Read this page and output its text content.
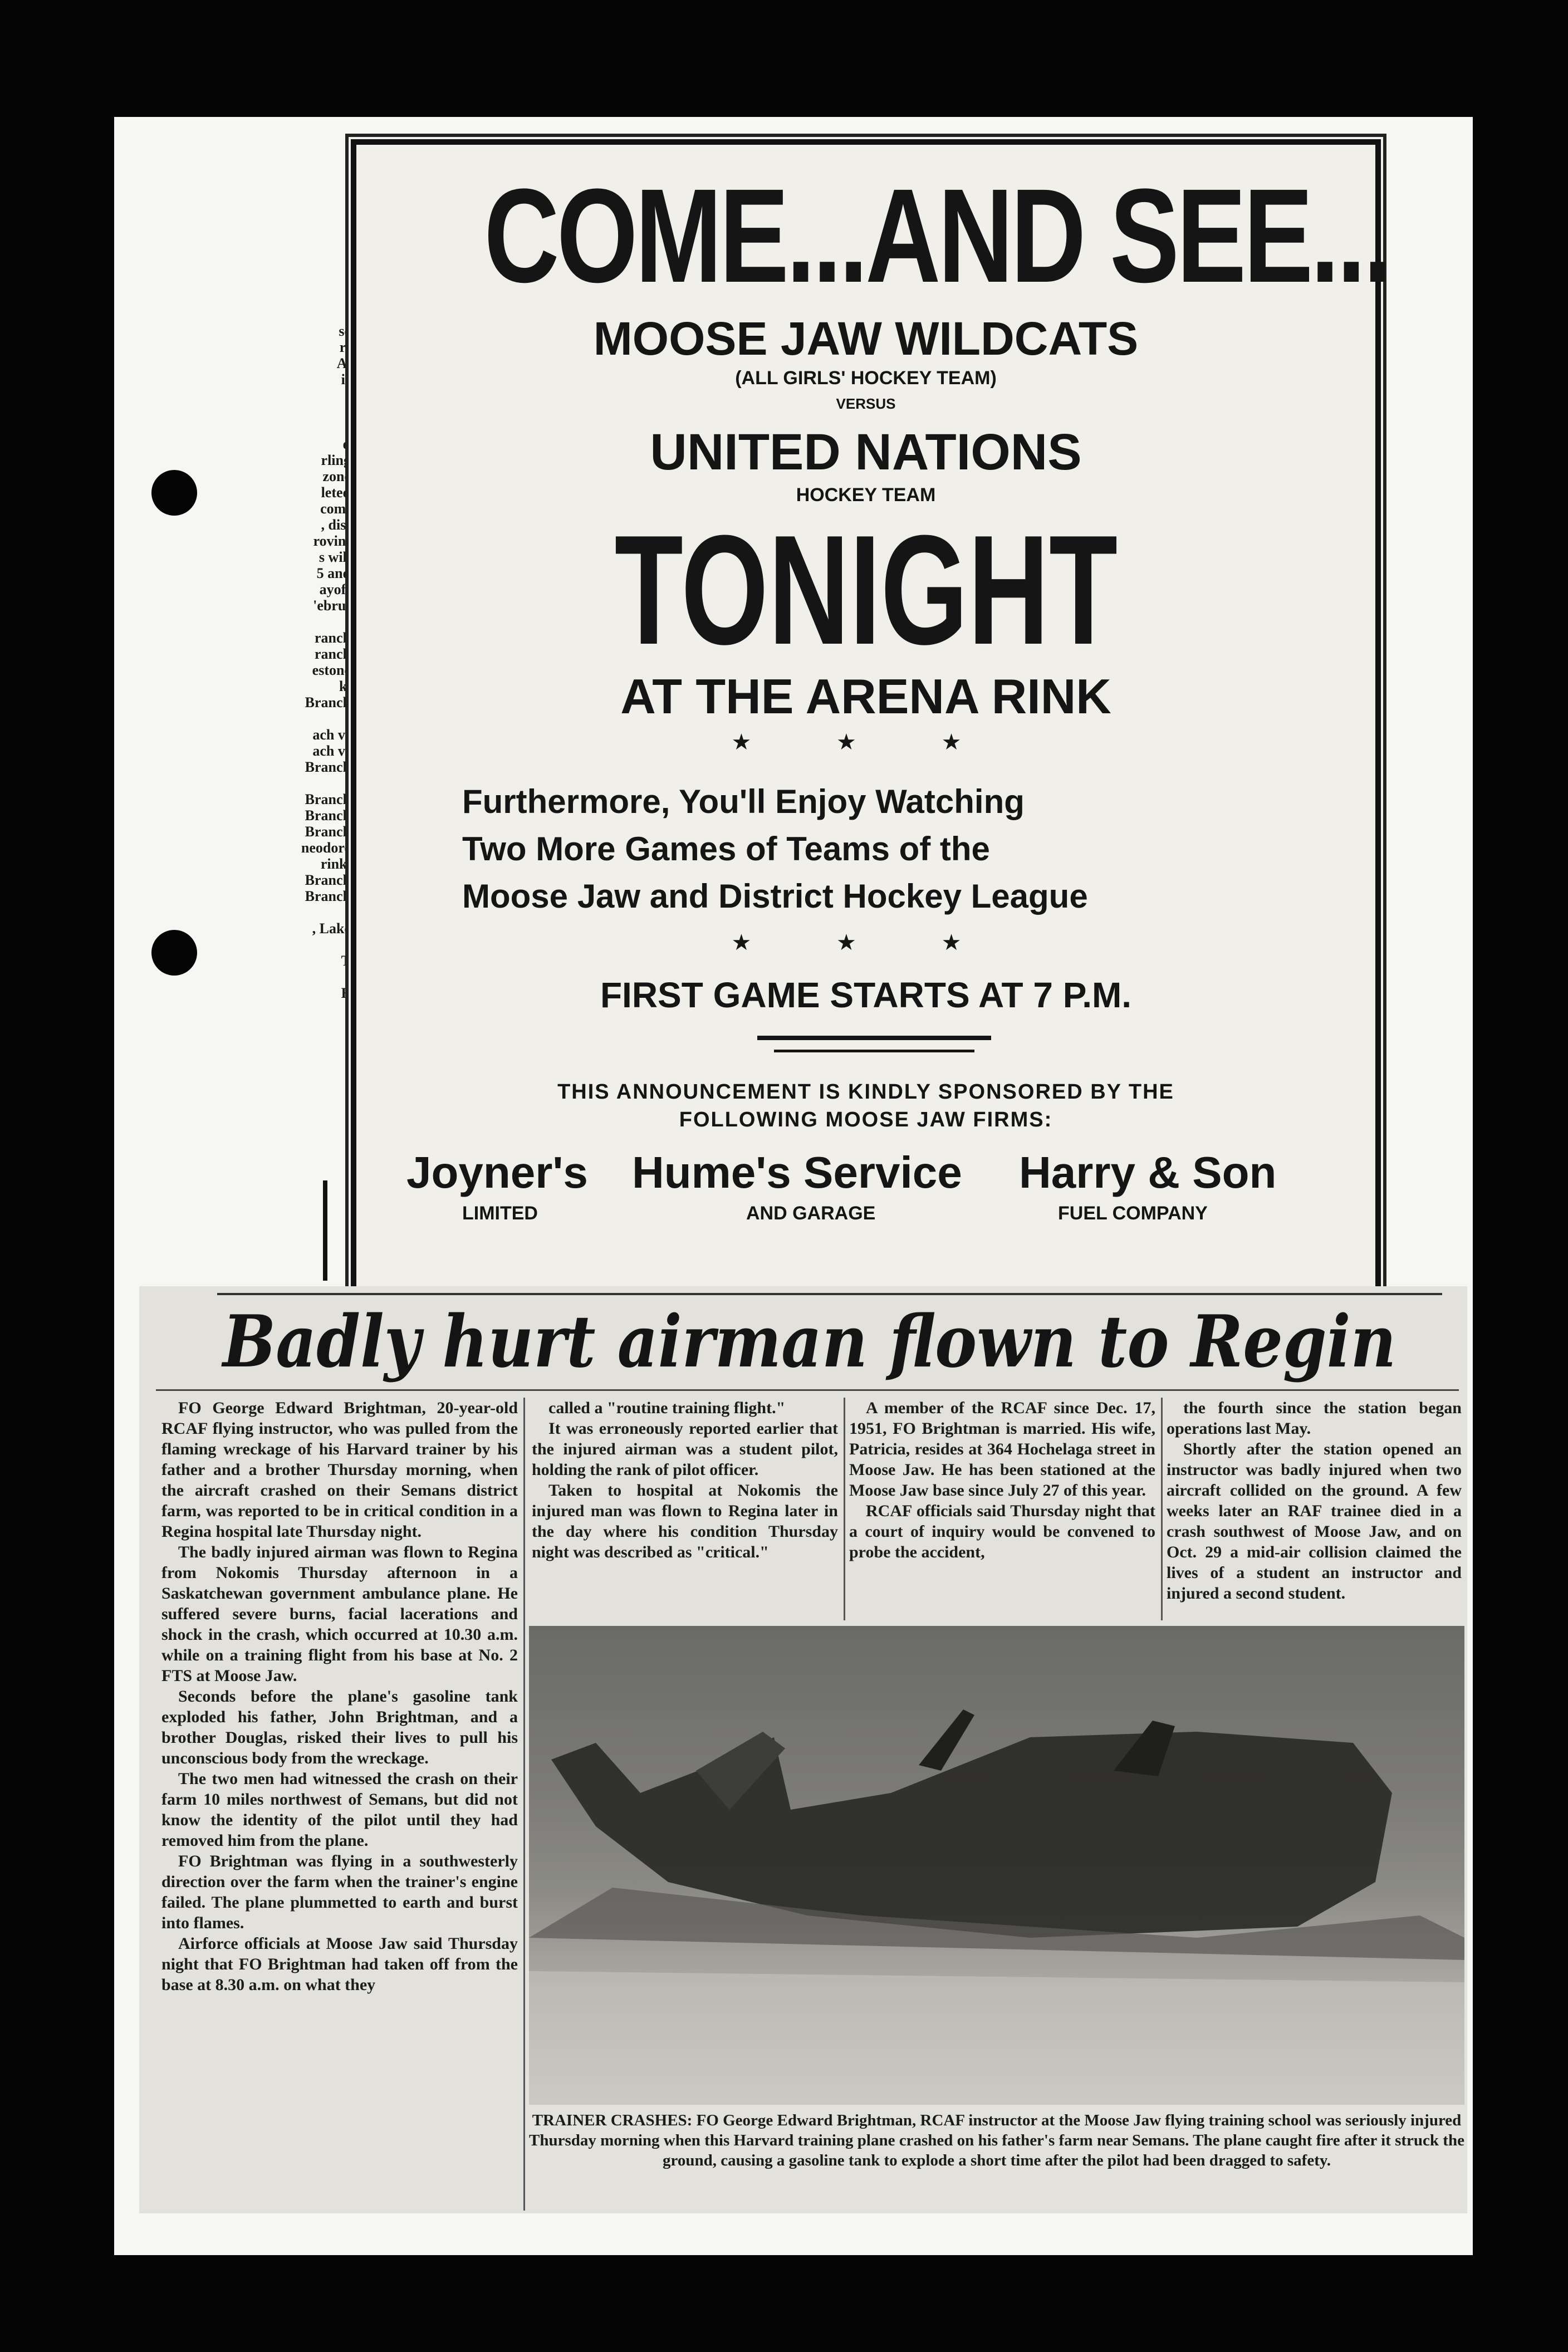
se
r)
A.
is

d
rling
zone
leted
com-
, dis-
rovin-
s will
5 and
ayoff
'ebru-

ranch
ranch
estone
k.
Branch

ach vs
ach vs
Branch

Branch
Branch
Branch
neodore
rink.
Branch
Branch

, Lake

T

E
COME...AND SEE...
MOOSE JAW WILDCATS
(ALL GIRLS' HOCKEY TEAM)
VERSUS
UNITED NATIONS
HOCKEY TEAM
TONIGHT
AT THE ARENA RINK
★ ★ ★
Furthermore, You'll Enjoy Watching
Two More Games of Teams of the
Moose Jaw and District Hockey League
★ ★ ★
FIRST GAME STARTS AT 7 P.M.
THIS ANNOUNCEMENT IS KINDLY SPONSORED BY THE
FOLLOWING MOOSE JAW FIRMS:
Joyner's
LIMITED
Hume's Service
AND GARAGE
Harry & Son
FUEL COMPANY
Badly hurt airman flown to Regin

FO George Edward Brightman, 20-year-old RCAF flying instructor, who was pulled from the flaming wreckage of his Harvard trainer by his father and a brother Thursday morning, when the aircraft crashed on their Semans district farm, was reported to be in critical condition in a Regina hospital late Thursday night.

The badly injured airman was flown to Regina from Nokomis Thursday afternoon in a Saskatchewan government ambulance plane. He suffered severe burns, facial lacerations and shock in the crash, which occurred at 10.30 a.m. while on a training flight from his base at No. 2 FTS at Moose Jaw.

Seconds before the plane's gasoline tank exploded his father, John Brightman, and a brother Douglas, risked their lives to pull his unconscious body from the wreckage.

The two men had witnessed the crash on their farm 10 miles northwest of Semans, but did not know the identity of the pilot until they had removed him from the plane.

FO Brightman was flying in a southwesterly direction over the farm when the trainer's engine failed. The plane plummetted to earth and burst into flames.

Airforce officials at Moose Jaw said Thursday night that FO Brightman had taken off from the base at 8.30 a.m. on what they

called a "routine training flight."

It was erroneously reported earlier that the injured airman was a student pilot, holding the rank of pilot officer.

Taken to hospital at Nokomis the injured man was flown to Regina later in the day where his condition Thursday night was described as "critical."

A member of the RCAF since Dec. 17, 1951, FO Brightman is married. His wife, Patricia, resides at 364 Hochelaga street in Moose Jaw. He has been stationed at the Moose Jaw base since July 27 of this year.

RCAF officials said Thursday night that a court of inquiry would be convened to probe the accident,

the fourth since the station began operations last May.

Shortly after the station opened an instructor was badly injured when two aircraft collided on the ground. A few weeks later an RAF trainee died in a crash southwest of Moose Jaw, and on Oct. 29 a mid-air collision claimed the lives of a student an instructor and injured a second student.

TRAINER CRASHES: FO George Edward Brightman, RCAF instructor at the Moose Jaw flying training school was seriously injured Thursday morning when this Harvard training plane crashed on his father's farm near Semans. The plane caught fire after it struck the ground, causing a gasoline tank to explode a short time after the pilot had been dragged to safety.
